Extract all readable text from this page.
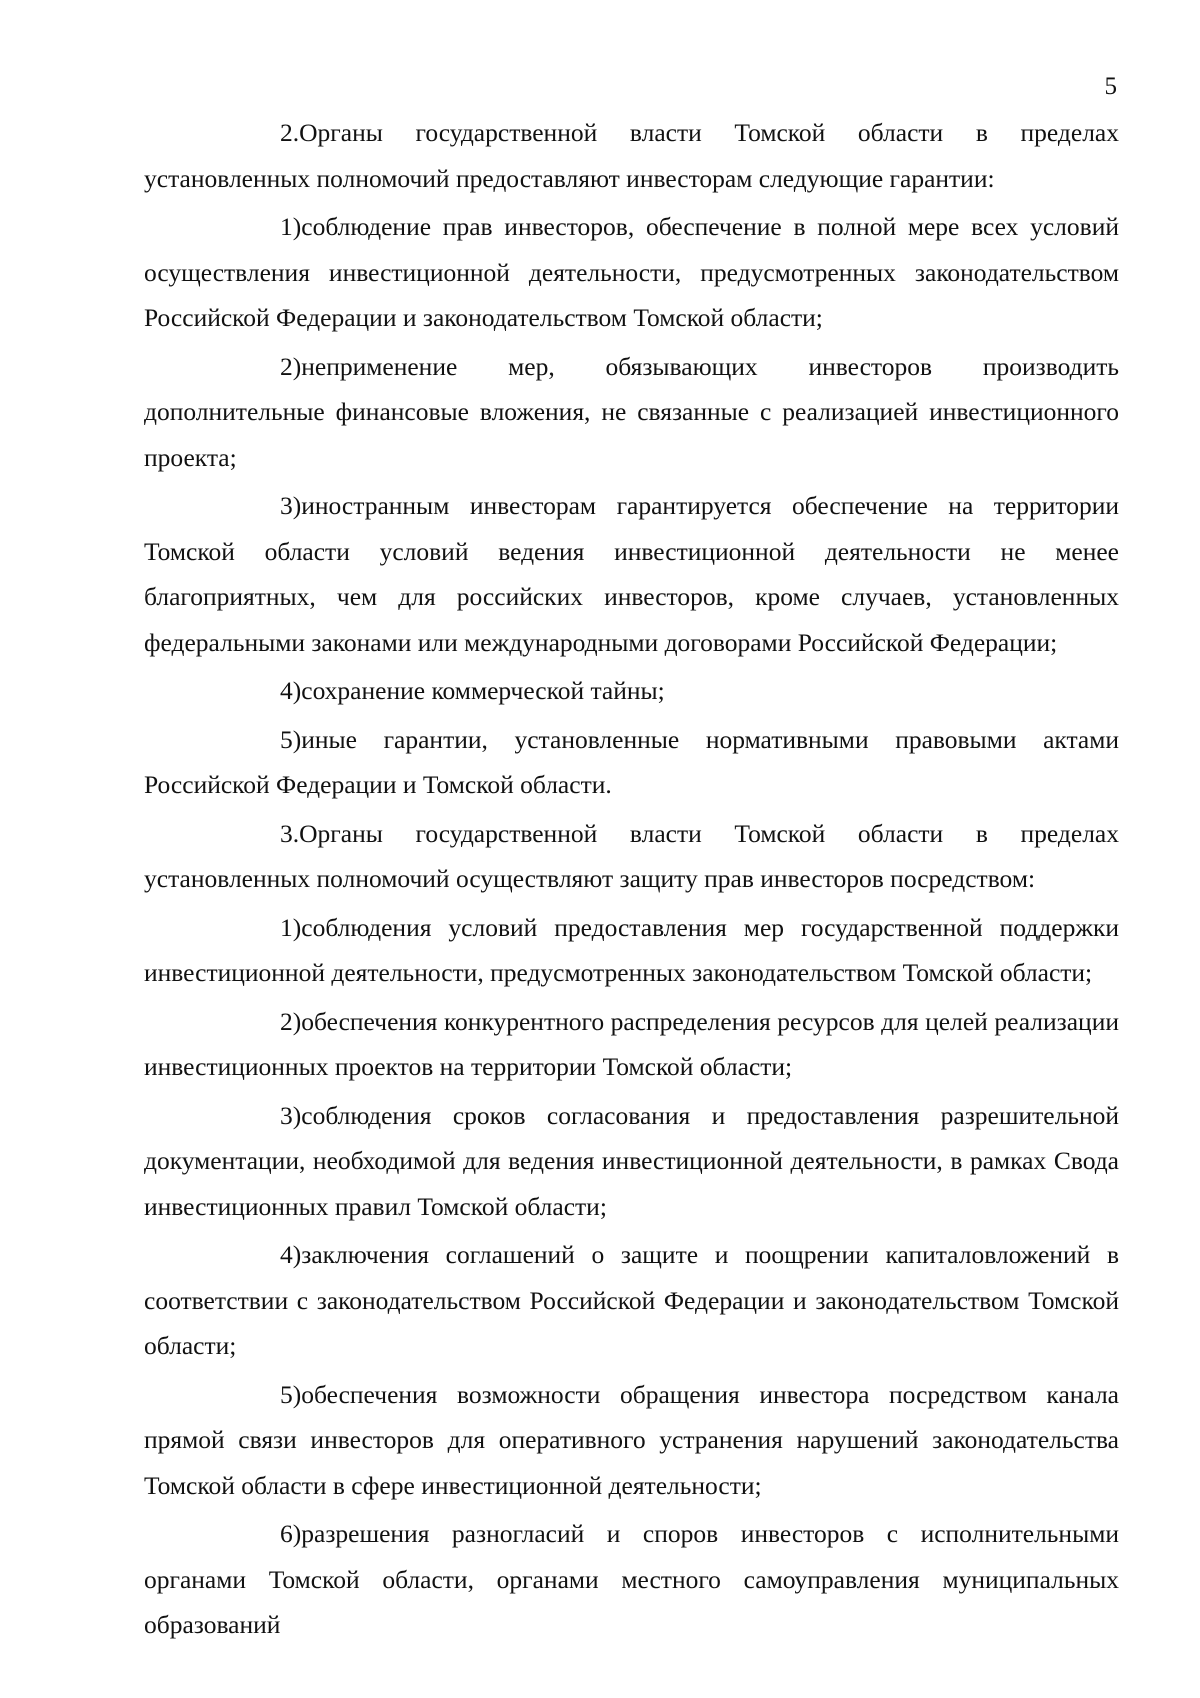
5

2.Органы государственной власти Томской области в пределах установленных полномочий предоставляют инвесторам следующие гарантии:

1)соблюдение прав инвесторов, обеспечение в полной мере всех условий осуществления инвестиционной деятельности, предусмотренных законодательством Российской Федерации и законодательством Томской области;

2)неприменение мер, обязывающих инвесторов производить дополнительные финансовые вложения, не связанные с реализацией инвестиционного проекта;

3)иностранным инвесторам гарантируется обеспечение на территории Томской области условий ведения инвестиционной деятельности не менее благоприятных, чем для российских инвесторов, кроме случаев, установленных федеральными законами или международными договорами Российской Федерации;

4)сохранение коммерческой тайны;

5)иные гарантии, установленные нормативными правовыми актами Российской Федерации и Томской области.

3.Органы государственной власти Томской области в пределах установленных полномочий осуществляют защиту прав инвесторов посредством:

1)соблюдения условий предоставления мер государственной поддержки инвестиционной деятельности, предусмотренных законодательством Томской области;

2)обеспечения конкурентного распределения ресурсов для целей реализации инвестиционных проектов на территории Томской области;

3)соблюдения сроков согласования и предоставления разрешительной документации, необходимой для ведения инвестиционной деятельности, в рамках Свода инвестиционных правил Томской области;

4)заключения соглашений о защите и поощрении капиталовложений в соответствии с законодательством Российской Федерации и законодательством Томской области;

5)обеспечения возможности обращения инвестора посредством канала прямой связи инвесторов для оперативного устранения нарушений законодательства Томской области в сфере инвестиционной деятельности;

6)разрешения разногласий и споров инвесторов с исполнительными органами Томской области, органами местного самоуправления муниципальных образований
